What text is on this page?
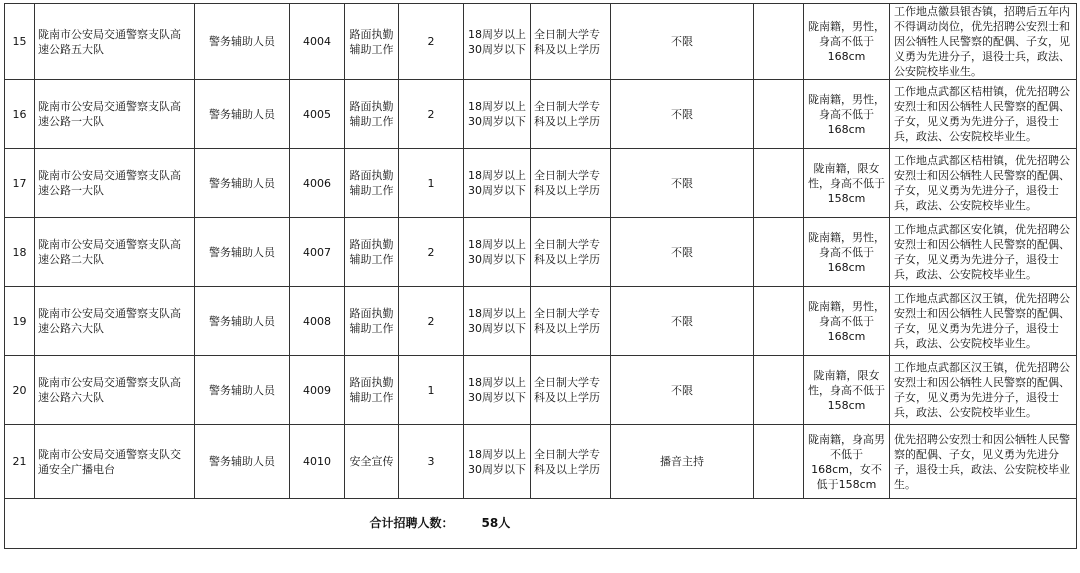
15	陇南市公安局交通警察支队高速公路五大队	警务辅助人员	4004	路面执勤辅助工作	2	18周岁以上30周岁以下	全日制大学专科及以上学历	不限		陇南籍，男性，身高不低于168cm	工作地点徽县银杏镇，招聘后五年内不得调动岗位，优先招聘公安烈士和因公牺牲人民警察的配偶、子女，见义勇为先进分子，退役士兵，政法、公安院校毕业生。
16	陇南市公安局交通警察支队高速公路一大队	警务辅助人员	4005	路面执勤辅助工作	2	18周岁以上30周岁以下	全日制大学专科及以上学历	不限		陇南籍，男性，身高不低于168cm	工作地点武都区桔柑镇，优先招聘公安烈士和因公牺牲人民警察的配偶、子女，见义勇为先进分子，退役士兵，政法、公安院校毕业生。
17	陇南市公安局交通警察支队高速公路一大队	警务辅助人员	4006	路面执勤辅助工作	1	18周岁以上30周岁以下	全日制大学专科及以上学历	不限		陇南籍，限女性，身高不低于158cm	工作地点武都区桔柑镇，优先招聘公安烈士和因公牺牲人民警察的配偶、子女，见义勇为先进分子，退役士兵，政法、公安院校毕业生。
18	陇南市公安局交通警察支队高速公路二大队	警务辅助人员	4007	路面执勤辅助工作	2	18周岁以上30周岁以下	全日制大学专科及以上学历	不限		陇南籍，男性，身高不低于168cm	工作地点武都区安化镇，优先招聘公安烈士和因公牺牲人民警察的配偶、子女，见义勇为先进分子，退役士兵，政法、公安院校毕业生。
19	陇南市公安局交通警察支队高速公路六大队	警务辅助人员	4008	路面执勤辅助工作	2	18周岁以上30周岁以下	全日制大学专科及以上学历	不限		陇南籍，男性，身高不低于168cm	工作地点武都区汉王镇，优先招聘公安烈士和因公牺牲人民警察的配偶、子女，见义勇为先进分子，退役士兵，政法、公安院校毕业生。
20	陇南市公安局交通警察支队高速公路六大队	警务辅助人员	4009	路面执勤辅助工作	1	18周岁以上30周岁以下	全日制大学专科及以上学历	不限		陇南籍，限女性，身高不低于158cm	工作地点武都区汉王镇，优先招聘公安烈士和因公牺牲人民警察的配偶、子女，见义勇为先进分子，退役士兵，政法、公安院校毕业生。
21	陇南市公安局交通警察支队交通安全广播电台	警务辅助人员	4010	安全宣传	3	18周岁以上30周岁以下	全日制大学专科及以上学历	播音主持		陇南籍，身高男不低于168cm，女不低于158cm	优先招聘公安烈士和因公牺牲人民警察的配偶、子女，见义勇为先进分子，退役士兵，政法、公安院校毕业生。
合计招聘人数：						58人					
